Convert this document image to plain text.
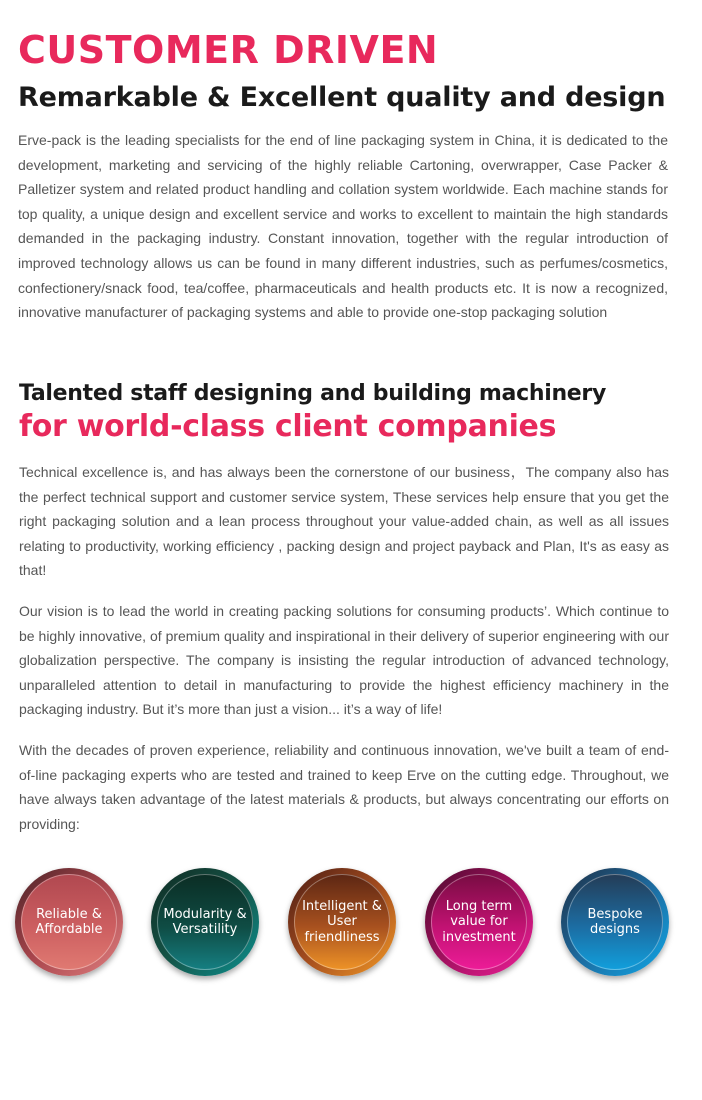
CUSTOMER DRIVEN
Remarkable & Excellent quality and design

Erve-pack is the leading specialists for the end of line packaging system in China, it is dedicated to the development, marketing and servicing of the highly reliable Cartoning, overwrapper, Case Packer & Palletizer system and related product handling and collation system worldwide. Each machine stands for top quality, a unique design and excellent service and works to excellent to maintain the high standards demanded in the packaging industry. Constant innovation, together with the regular introduction of improved technology allows us can be found in many different industries, such as perfumes/cosmetics, confectionery/snack food, tea/coffee, pharmaceuticals and health products etc. It is now a recognized, innovative manufacturer of packaging systems and able to provide one-stop packaging solution

Talented staff designing and building machinery
for world-class client companies

Technical excellence is, and has always been the cornerstone of our business，The company also has the perfect technical support and customer service system, These services help ensure that you get the right packaging solution and a lean process throughout your value-added chain, as well as all issues relating to productivity, working efficiency , packing design and project payback and Plan, It's as easy as that!

Our vision is to lead the world in creating packing solutions for consuming products’. Which continue to be highly innovative, of premium quality and inspirational in their delivery of superior engineering with our globalization perspective. The company is insisting the regular introduction of advanced technology, unparalleled attention to detail in manufacturing to provide the highest efficiency machinery in the packaging industry. But it’s more than just a vision... it’s a way of life!

With the decades of proven experience, reliability and continuous innovation, we've built a team of end-of-line packaging experts who are tested and trained to keep Erve on the cutting edge. Throughout, we have always taken advantage of the latest materials & products, but always concentrating our efforts on providing:

Reliable &
Affordable
Modularity &
Versatility
Intelligent &
User
friendliness
Long term
value for
investment
Bespoke
designs
